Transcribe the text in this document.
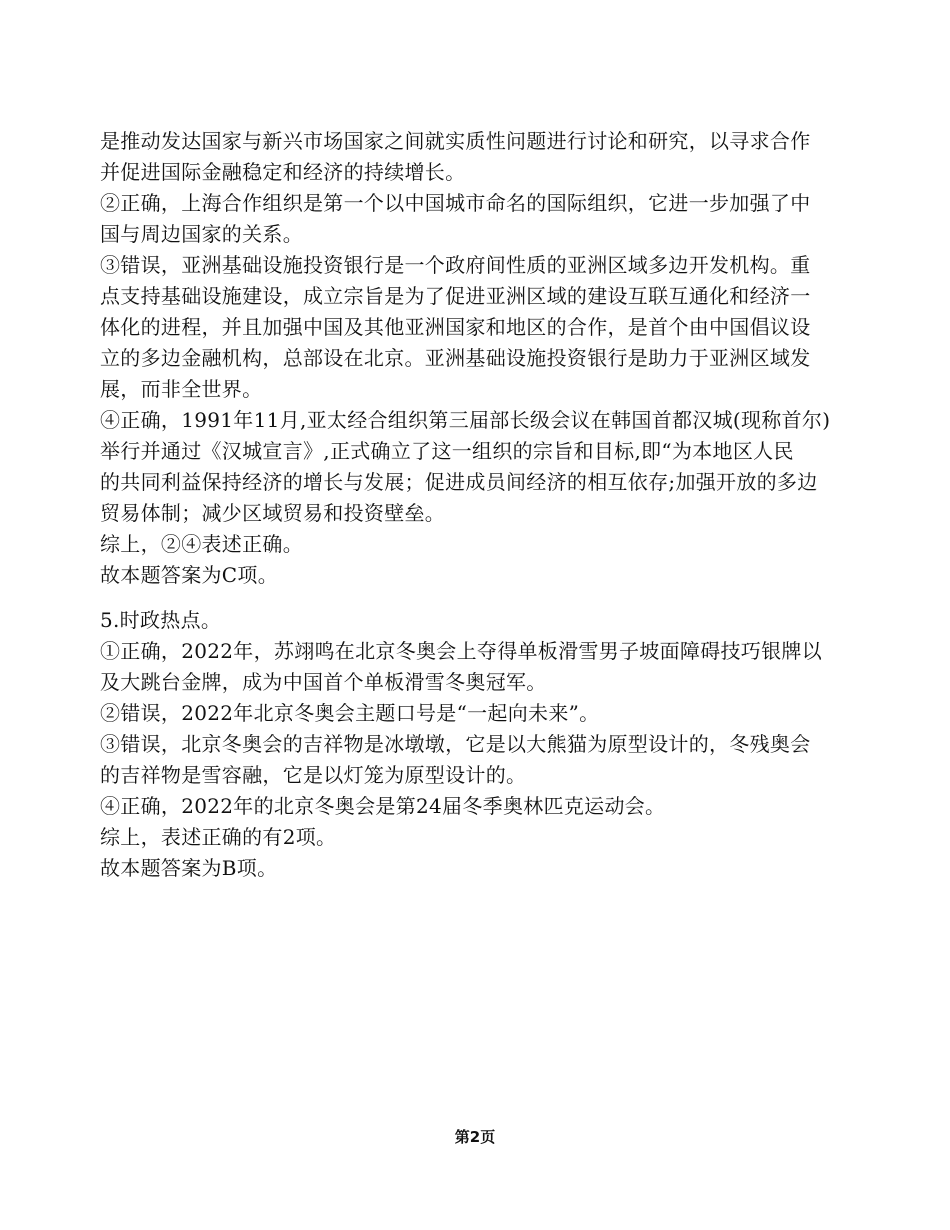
是推动发达国家与新兴市场国家之间就实质性问题进行讨论和研究，以寻求合作
并促进国际金融稳定和经济的持续增长。
②正确，上海合作组织是第一个以中国城市命名的国际组织，它进一步加强了中
国与周边国家的关系。
③错误，亚洲基础设施投资银行是一个政府间性质的亚洲区域多边开发机构。重
点支持基础设施建设，成立宗旨是为了促进亚洲区域的建设互联互通化和经济一
体化的进程，并且加强中国及其他亚洲国家和地区的合作，是首个由中国倡议设
立的多边金融机构，总部设在北京。亚洲基础设施投资银行是助力于亚洲区域发
展，而非全世界。
④正确，1991年11月,亚太经合组织第三届部长级会议在韩国首都汉城(现称首尔)
举行并通过《汉城宣言》,正式确立了这一组织的宗旨和目标,即“为本地区人民
的共同利益保持经济的增长与发展；促进成员间经济的相互依存;加强开放的多边
贸易体制；减少区域贸易和投资壁垒。
综上，②④表述正确。
故本题答案为C项。
5.时政热点。
①正确，2022年，苏翊鸣在北京冬奥会上夺得单板滑雪男子坡面障碍技巧银牌以
及大跳台金牌，成为中国首个单板滑雪冬奥冠军。
②错误，2022年北京冬奥会主题口号是“一起向未来”。
③错误，北京冬奥会的吉祥物是冰墩墩，它是以大熊猫为原型设计的，冬残奥会
的吉祥物是雪容融，它是以灯笼为原型设计的。
④正确，2022年的北京冬奥会是第24届冬季奥林匹克运动会。
综上，表述正确的有2项。
故本题答案为B项。
第2页
